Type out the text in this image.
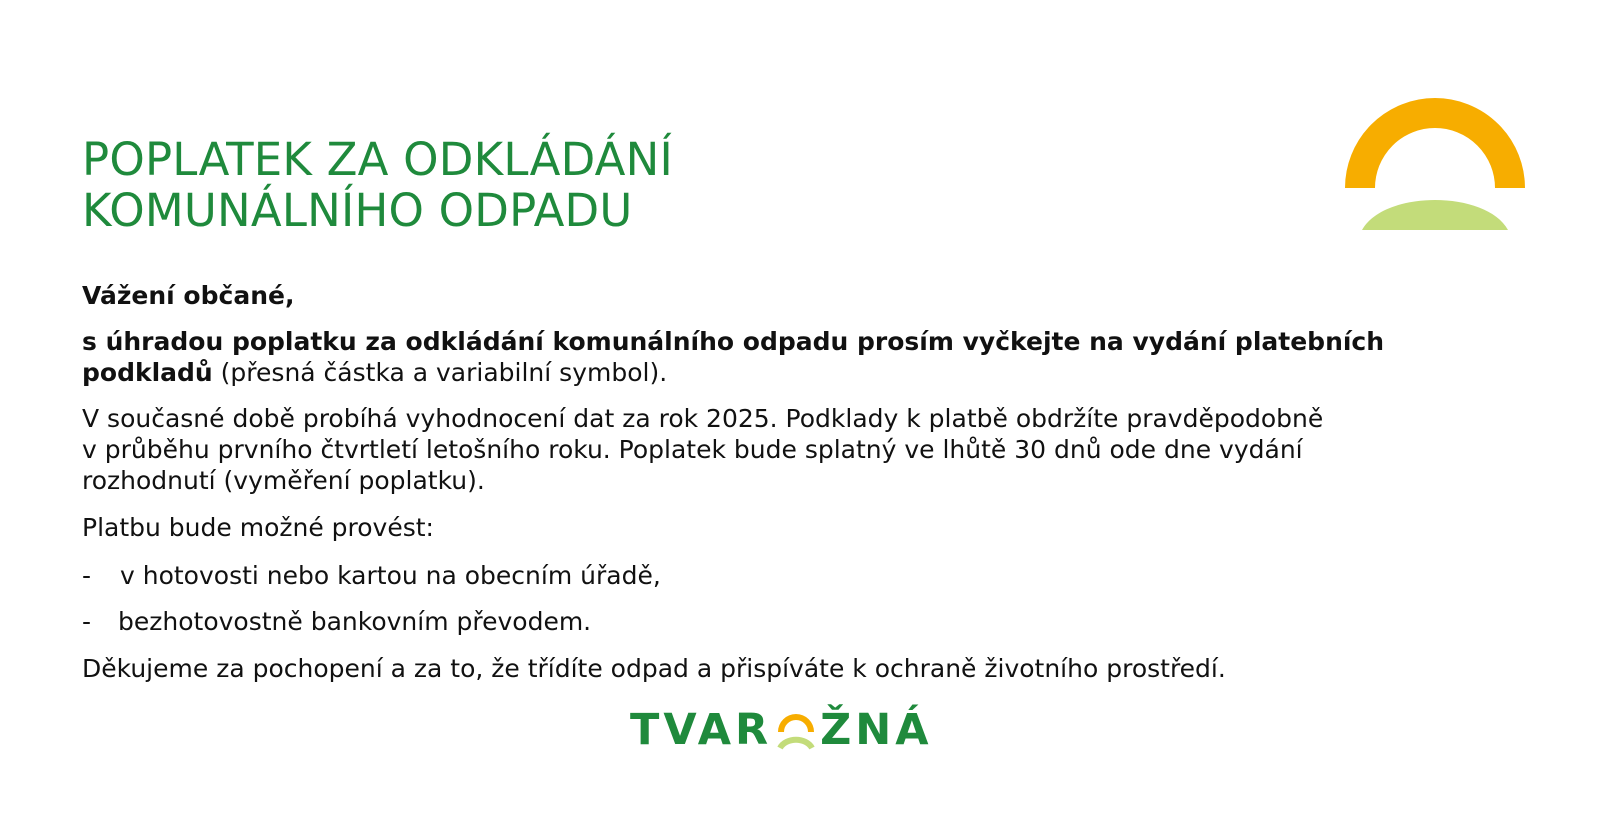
POPLATEK ZA ODKLÁDÁNÍ
KOMUNÁLNÍHO ODPADU

Vážení občané,

s úhradou poplatku za odkládání komunálního odpadu prosím vyčkejte na vydání platebních
podkladů (přesná částka a variabilní symbol).

V současné době probíhá vyhodnocení dat za rok 2025. Podklady k platbě obdržíte pravděpodobně
v průběhu prvního čtvrtletí letošního roku. Poplatek bude splatný ve lhůtě 30 dnů ode dne vydání
rozhodnutí (vyměření poplatku).

Platbu bude možné provést:

- v hotovosti nebo kartou na obecním úřadě,
- bezhotovostně bankovním převodem.

Děkujeme za pochopení a za to, že třídíte odpad a přispíváte k ochraně životního prostředí.

TVAR ŽNÁ
